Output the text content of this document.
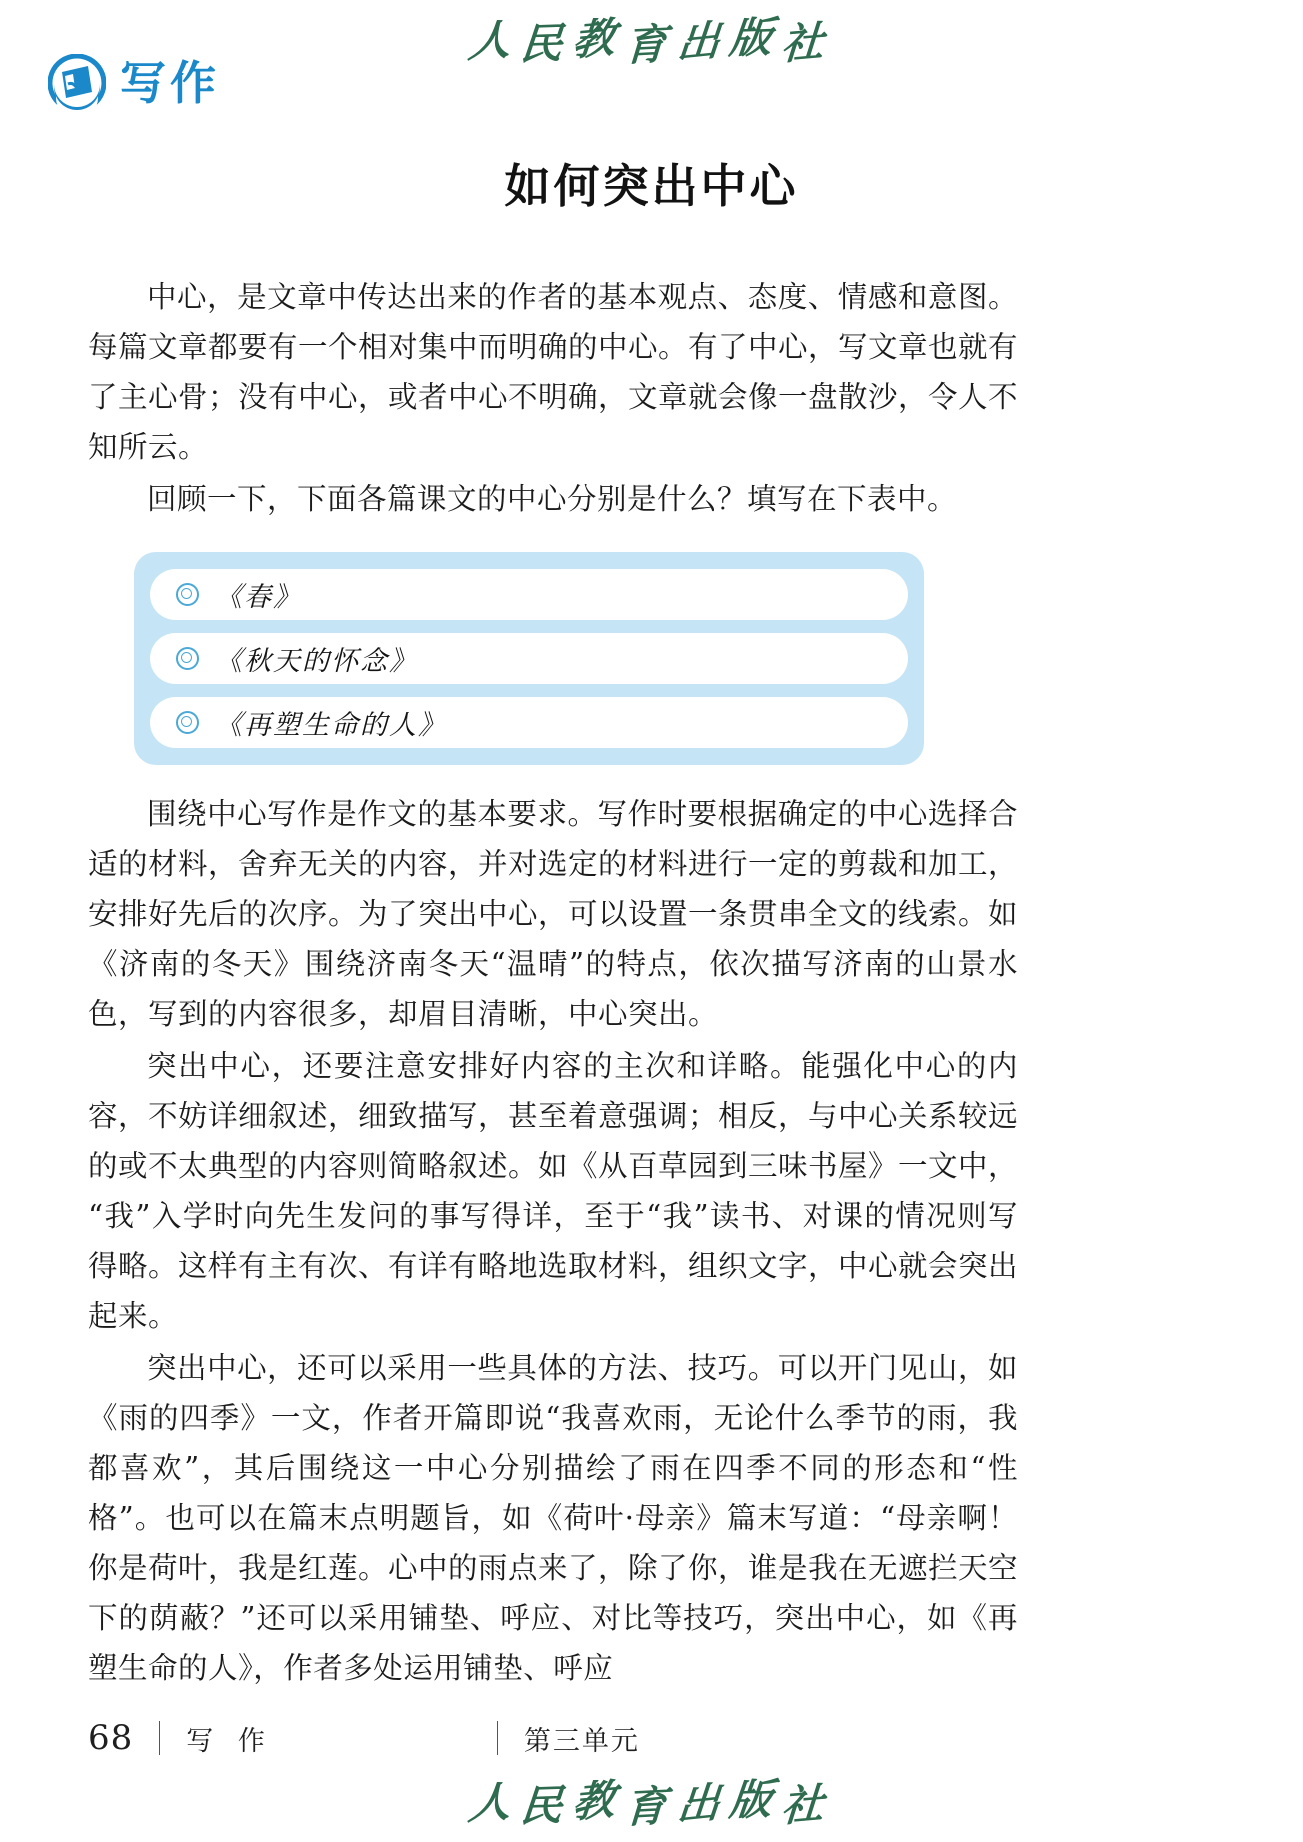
人民教育出版社
写作
如何突出中心

中心，是文章中传达出来的作者的基本观点、态度、情感和意图。每篇文章都要有一个相对集中而明确的中心。有了中心，写文章也就有了主心骨；没有中心，或者中心不明确，文章就会像一盘散沙，令人不知所云。

回顾一下，下面各篇课文的中心分别是什么？填写在下表中。

《春》
《秋天的怀念》
《再塑生命的人》

围绕中心写作是作文的基本要求。写作时要根据确定的中心选择合适的材料，舍弃无关的内容，并对选定的材料进行一定的剪裁和加工，安排好先后的次序。为了突出中心，可以设置一条贯串全文的线索。如《济南的冬天》围绕济南冬天“温晴”的特点，依次描写济南的山景水色，写到的内容很多，却眉目清晰，中心突出。

突出中心，还要注意安排好内容的主次和详略。能强化中心的内容，不妨详细叙述，细致描写，甚至着意强调；相反，与中心关系较远的或不太典型的内容则简略叙述。如《从百草园到三味书屋》一文中，“我”入学时向先生发问的事写得详，至于“我”读书、对课的情况则写得略。这样有主有次、有详有略地选取材料，组织文字，中心就会突出起来。

突出中心，还可以采用一些具体的方法、技巧。可以开门见山，如《雨的四季》一文，作者开篇即说“我喜欢雨，无论什么季节的雨，我都喜欢”，其后围绕这一中心分别描绘了雨在四季不同的形态和“性格”。也可以在篇末点明题旨，如《荷叶·母亲》篇末写道：“母亲啊！你是荷叶，我是红莲。心中的雨点来了，除了你，谁是我在无遮拦天空下的荫蔽？”还可以采用铺垫、呼应、对比等技巧，突出中心，如《再塑生命的人》，作者多处运用铺垫、呼应

68 写 作	第三单元
人民教育出版社
